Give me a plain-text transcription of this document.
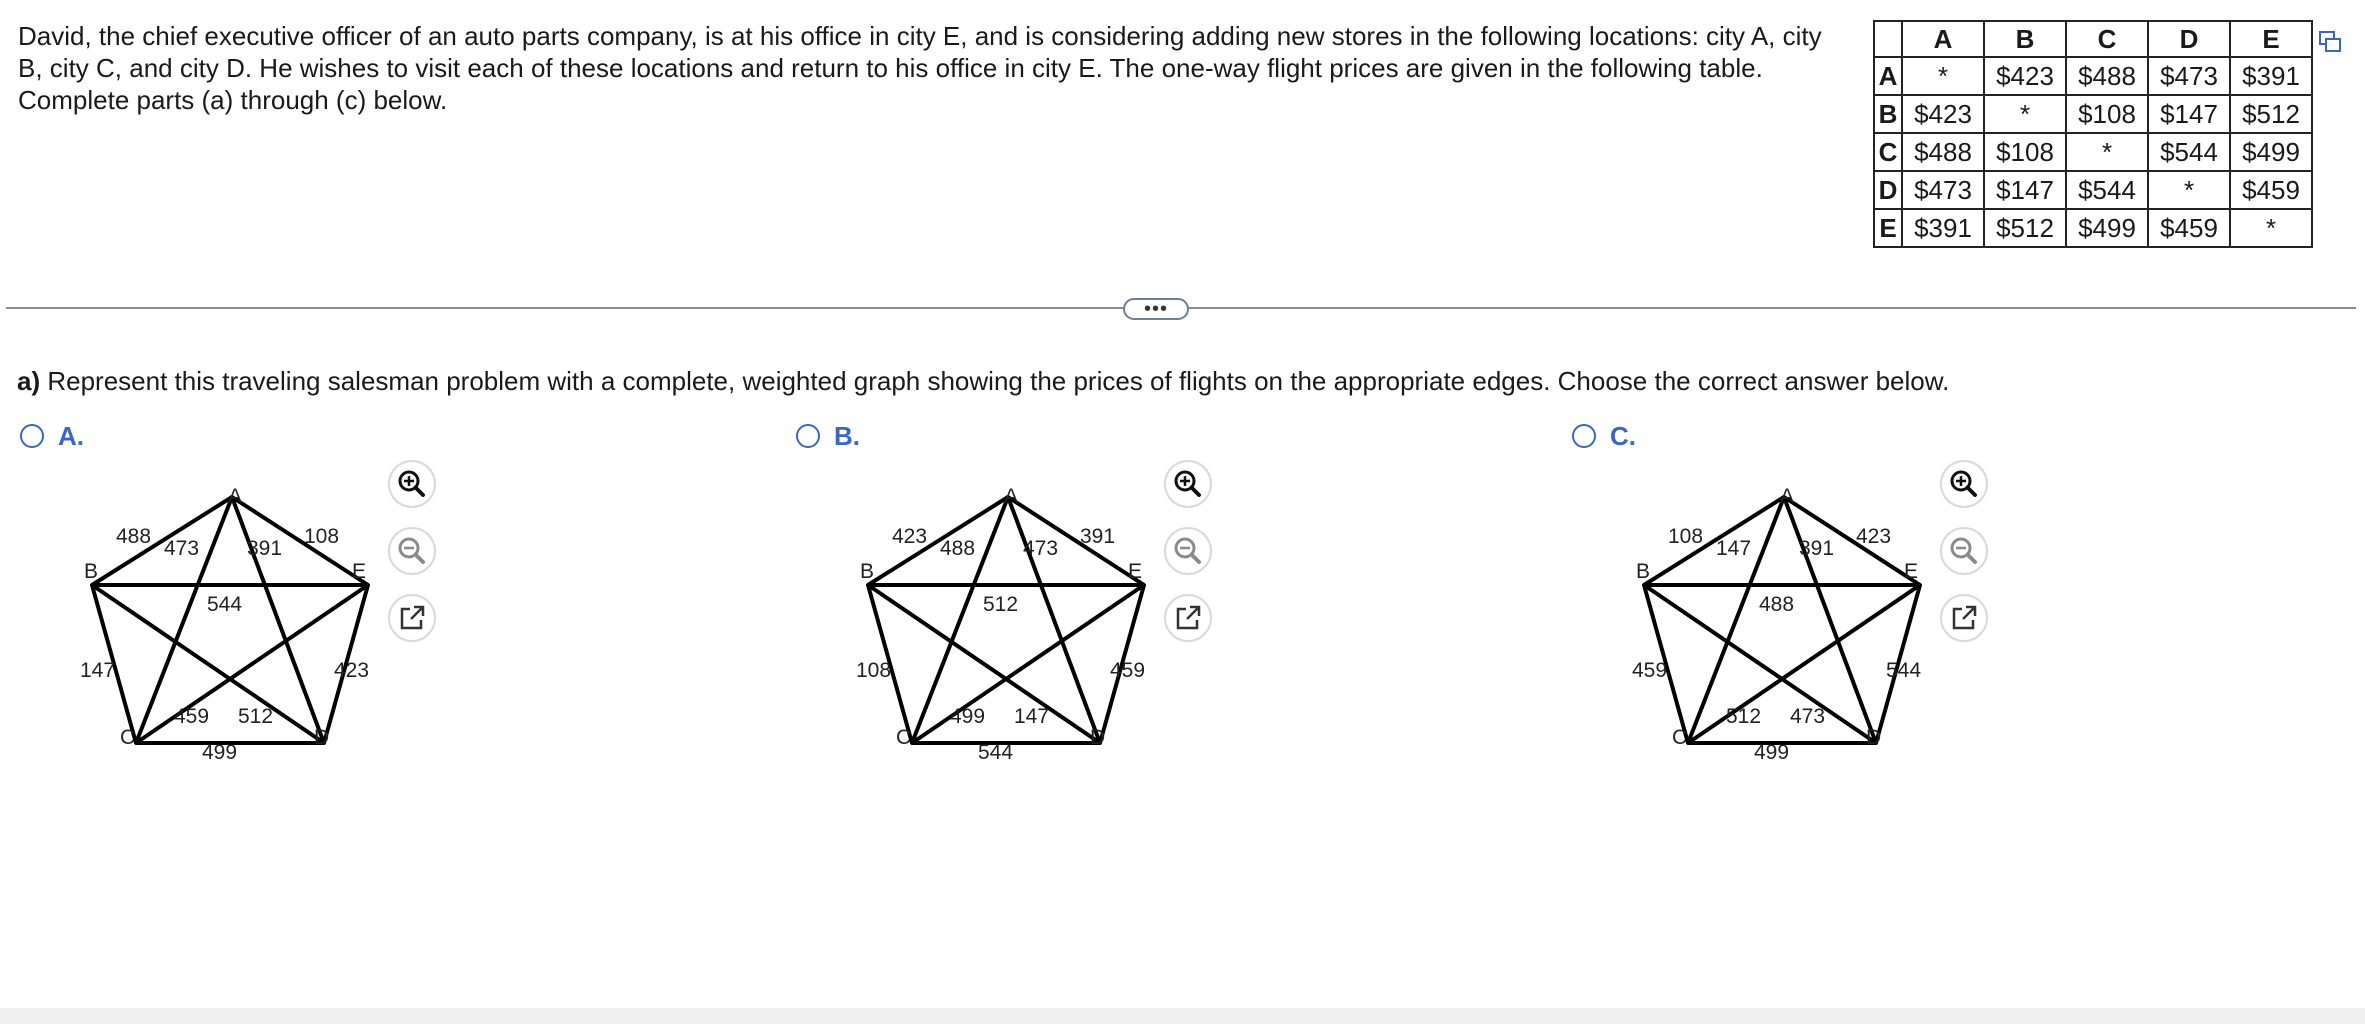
David, the chief executive officer of an auto parts company, is at his office in city E, and is considering adding new stores in the following locations: city A, city B, city C, and city D. He wishes to visit each of these locations and return to his office in city E. The one-way flight prices are given in the following table. Complete parts (a) through (c) below.
	A	B	C	D	E
A	*	$423	$488	$473	$391
B	$423	*	$108	$147	$512
C	$488	$108	*	$544	$499
D	$473	$147	$544	*	$459
E	$391	$512	$499	$459	*
•••
a) Represent this traveling salesman problem with a complete, weighted graph showing the prices of flights on the appropriate edges. Choose the correct answer below.
A.	B.	C.
A
B	E
C	D
488
473 391
108
544
147	423
459 512
499
A
B	E
C	D
423
488 473
391
512
108	459
499 147
544
A
B	E
C	D
108
147 391
423
488
459	544
512 473
499
